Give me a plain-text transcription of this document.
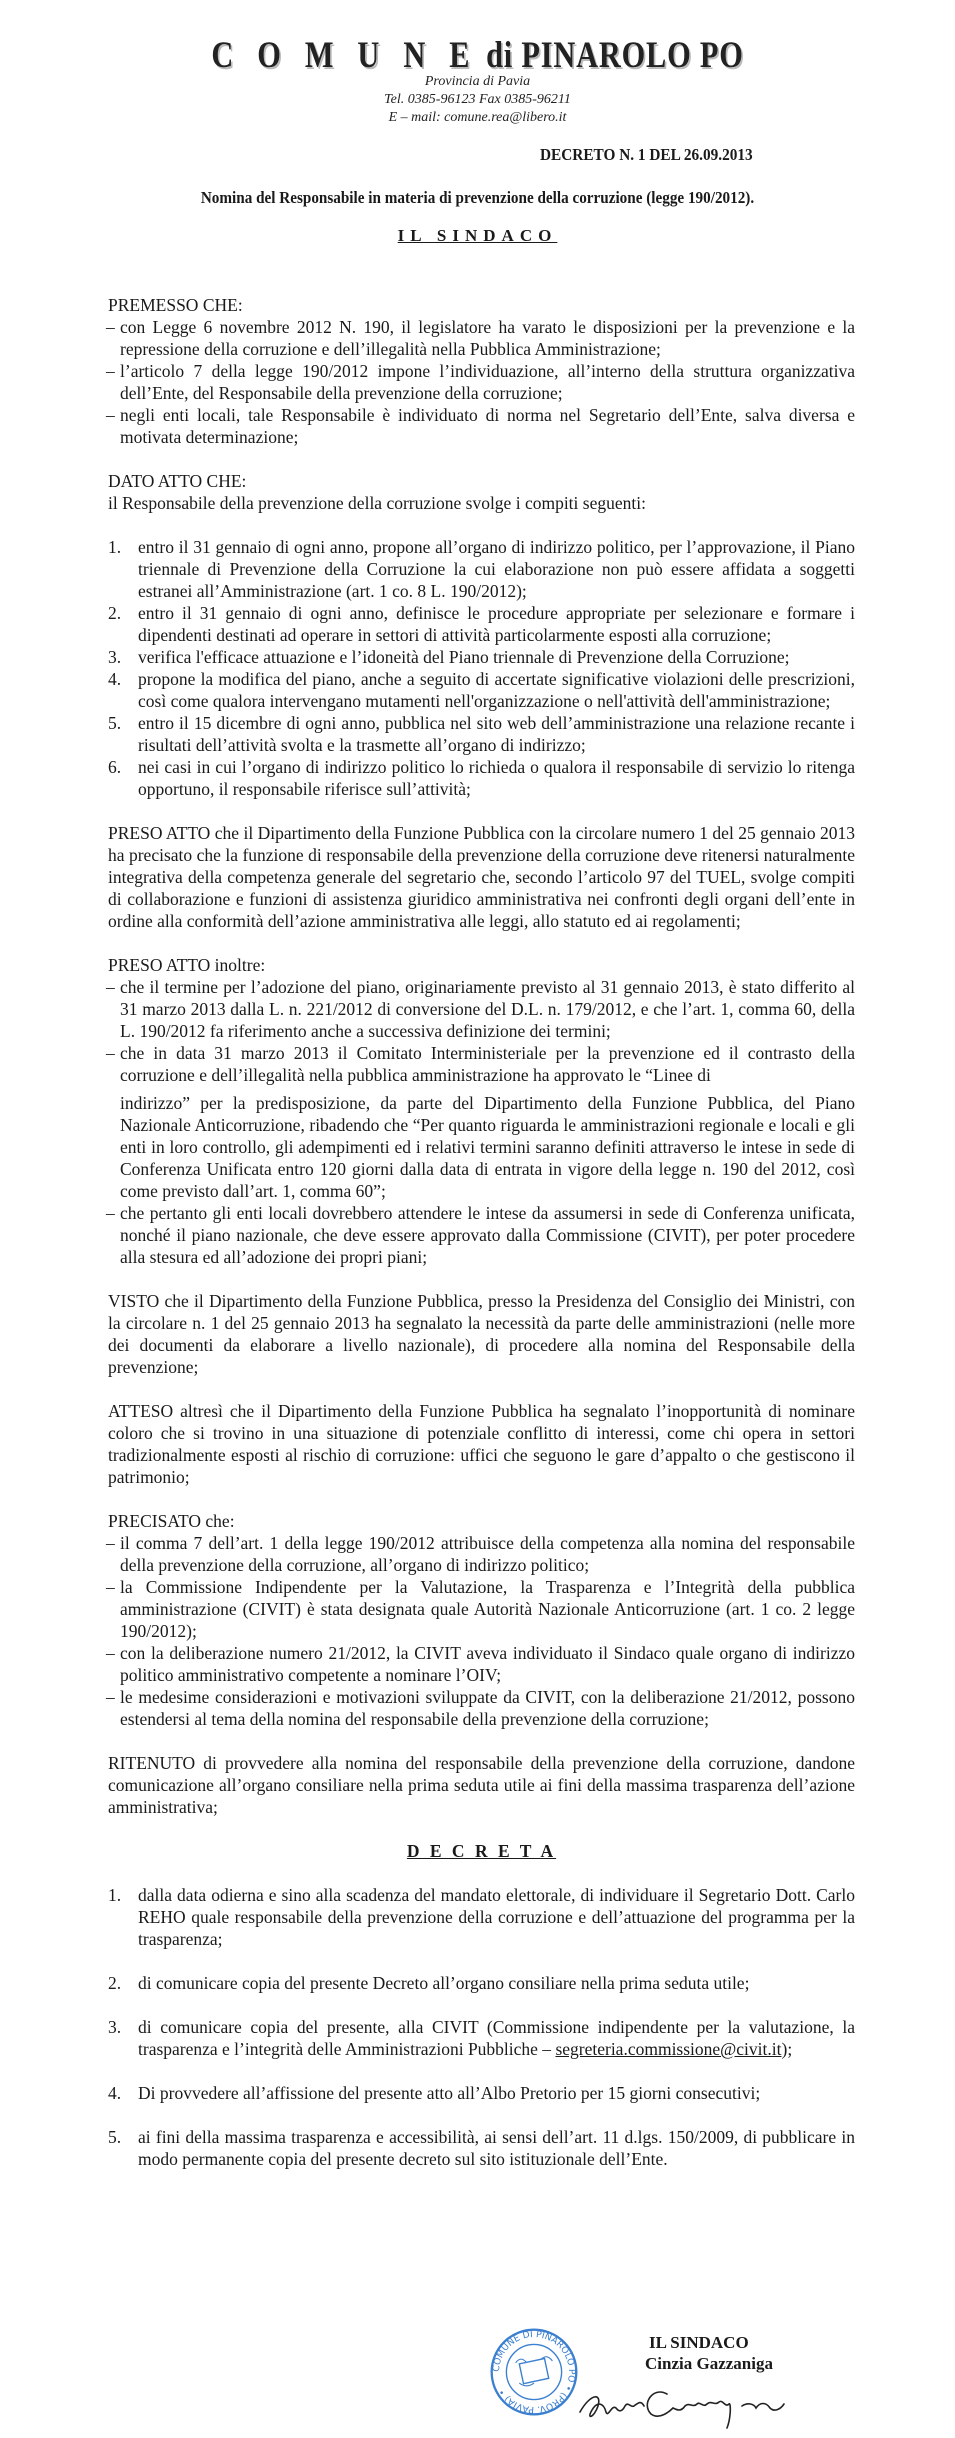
C O M U N E di PINAROLO PO
Provincia di Pavia
Tel. 0385-96123 Fax 0385-96211
E – mail: comune.rea@libero.it
DECRETO N. 1 DEL 26.09.2013
Nomina del Responsabile in materia di prevenzione della corruzione (legge 190/2012).
IL SINDACO

PREMESSO CHE:

– con Legge 6 novembre 2012 N. 190, il legislatore ha varato le disposizioni per la prevenzione e la repressione della corruzione e dell’illegalità nella Pubblica Amministrazione;

– l’articolo 7 della legge 190/2012 impone l’individuazione, all’interno della struttura organizzativa dell’Ente, del Responsabile della prevenzione della corruzione;

– negli enti locali, tale Responsabile è individuato di norma nel Segretario dell’Ente, salva diversa e motivata determinazione;

DATO ATTO CHE:

il Responsabile della prevenzione della corruzione svolge i compiti seguenti:

1. entro il 31 gennaio di ogni anno, propone all’organo di indirizzo politico, per l’approvazione, il Piano triennale di Prevenzione della Corruzione la cui elaborazione non può essere affidata a soggetti estranei all’Amministrazione (art. 1 co. 8 L. 190/2012);

2. entro il 31 gennaio di ogni anno, definisce le procedure appropriate per selezionare e formare i dipendenti destinati ad operare in settori di attività particolarmente esposti alla corruzione;

3. verifica l'efficace attuazione e l’idoneità del Piano triennale di Prevenzione della Corruzione;

4. propone la modifica del piano, anche a seguito di accertate significative violazioni delle prescrizioni, così come qualora intervengano mutamenti nell'organizzazione o nell'attività dell'amministrazione;

5. entro il 15 dicembre di ogni anno, pubblica nel sito web dell’amministrazione una relazione recante i risultati dell’attività svolta e la trasmette all’organo di indirizzo;

6. nei casi in cui l’organo di indirizzo politico lo richieda o qualora il responsabile di servizio lo ritenga opportuno, il responsabile riferisce sull’attività;

PRESO ATTO che il Dipartimento della Funzione Pubblica con la circolare numero 1 del 25 gennaio 2013 ha precisato che la funzione di responsabile della prevenzione della corruzione deve ritenersi naturalmente integrativa della competenza generale del segretario che, secondo l’articolo 97 del TUEL, svolge compiti di collaborazione e funzioni di assistenza giuridico amministrativa nei confronti degli organi dell’ente in ordine alla conformità dell’azione amministrativa alle leggi, allo statuto ed ai regolamenti;

PRESO ATTO inoltre:

– che il termine per l’adozione del piano, originariamente previsto al 31 gennaio 2013, è stato differito al 31 marzo 2013 dalla L. n. 221/2012 di conversione del D.L. n. 179/2012, e che l’art. 1, comma 60, della L. 190/2012 fa riferimento anche a successiva definizione dei termini;

– che in data 31 marzo 2013 il Comitato Interministeriale per la prevenzione ed il contrasto della corruzione e dell’illegalità nella pubblica amministrazione ha approvato le “Linee di

indirizzo” per la predisposizione, da parte del Dipartimento della Funzione Pubblica, del Piano Nazionale Anticorruzione, ribadendo che “Per quanto riguarda le amministrazioni regionale e locali e gli enti in loro controllo, gli adempimenti ed i relativi termini saranno definiti attraverso le intese in sede di Conferenza Unificata entro 120 giorni dalla data di entrata in vigore della legge n. 190 del 2012, così come previsto dall’art. 1, comma 60”;

– che pertanto gli enti locali dovrebbero attendere le intese da assumersi in sede di Conferenza unificata, nonché il piano nazionale, che deve essere approvato dalla Commissione (CIVIT), per poter procedere alla stesura ed all’adozione dei propri piani;

VISTO che il Dipartimento della Funzione Pubblica, presso la Presidenza del Consiglio dei Ministri, con la circolare n. 1 del 25 gennaio 2013 ha segnalato la necessità da parte delle amministrazioni (nelle more dei documenti da elaborare a livello nazionale), di procedere alla nomina del Responsabile della prevenzione;

ATTESO altresì che il Dipartimento della Funzione Pubblica ha segnalato l’inopportunità di nominare coloro che si trovino in una situazione di potenziale conflitto di interessi, come chi opera in settori tradizionalmente esposti al rischio di corruzione: uffici che seguono le gare d’appalto o che gestiscono il patrimonio;

PRECISATO che:

– il comma 7 dell’art. 1 della legge 190/2012 attribuisce della competenza alla nomina del responsabile della prevenzione della corruzione, all’organo di indirizzo politico;

– la Commissione Indipendente per la Valutazione, la Trasparenza e l’Integrità della pubblica amministrazione (CIVIT) è stata designata quale Autorità Nazionale Anticorruzione (art. 1 co. 2 legge 190/2012);

– con la deliberazione numero 21/2012, la CIVIT aveva individuato il Sindaco quale organo di indirizzo politico amministrativo competente a nominare l’OIV;

– le medesime considerazioni e motivazioni sviluppate da CIVIT, con la deliberazione 21/2012, possono estendersi al tema della nomina del responsabile della prevenzione della corruzione;

RITENUTO di provvedere alla nomina del responsabile della prevenzione della corruzione, dandone comunicazione all’organo consiliare nella prima seduta utile ai fini della massima trasparenza dell’azione amministrativa;

D E C R E T A

1. dalla data odierna e sino alla scadenza del mandato elettorale, di individuare il Segretario Dott. Carlo REHO quale responsabile della prevenzione della corruzione e dell’attuazione del programma per la trasparenza;

2. di comunicare copia del presente Decreto all’organo consiliare nella prima seduta utile;

3. di comunicare copia del presente, alla CIVIT (Commissione indipendente per la valutazione, la trasparenza e l’integrità delle Amministrazioni Pubbliche – segreteria.commissione@civit.it);

4. Di provvedere all’affissione del presente atto all’Albo Pretorio per 15 giorni consecutivi;

5. ai fini della massima trasparenza e accessibilità, ai sensi dell’art. 11 d.lgs. 150/2009, di pubblicare in modo permanente copia del presente decreto sul sito istituzionale dell’Ente.

COMUNE DI PINAROLO PO • (PROV. PAVIA) •
IL SINDACO
Cinzia Gazzaniga
